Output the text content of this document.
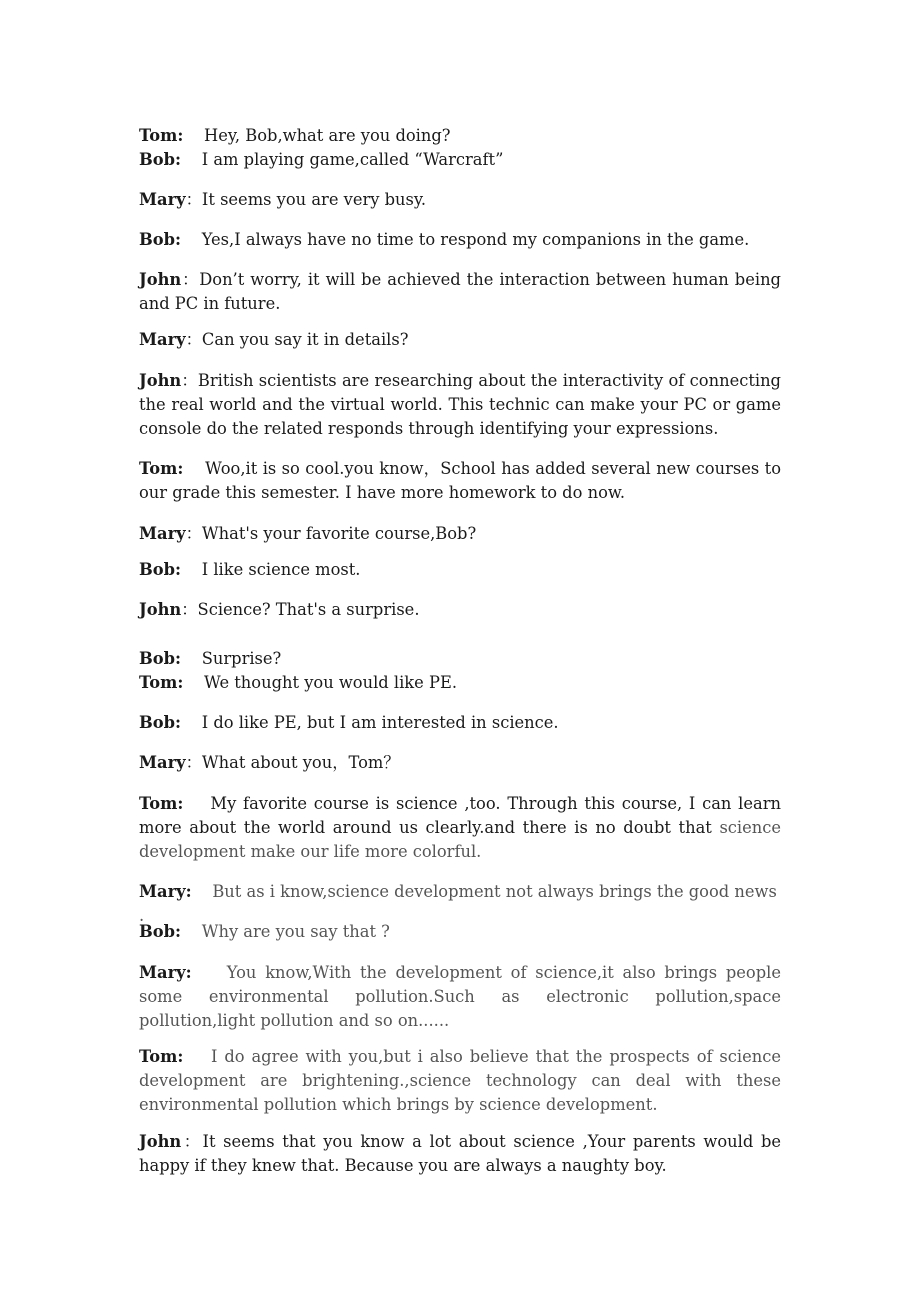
Tom: Hey, Bob,what are you doing?

Bob: I am playing game,called “Warcraft”

Mary：It seems you are very busy.

Bob: Yes,I always have no time to respond my companions in the game.

John：Don’t worry, it will be achieved the interaction between human being and PC in future.

Mary：Can you say it in details?

John：British scientists are researching about the interactivity of connecting the real world and the virtual world. This technic can make your PC or game console do the related responds through identifying your expressions.

Tom: Woo,it is so cool.you know，School has added several new courses to our grade this semester. I have more homework to do now.

Mary：What's your favorite course,Bob?

Bob: I like science most.

John：Science? That's a surprise.

Bob: Surprise?

Tom: We thought you would like PE.

Bob: I do like PE, but I am interested in science.

Mary：What about you，Tom？

Tom: My favorite course is science ,too. Through this course, I can learn more about the world around us clearly.and there is no doubt that science development make our life more colorful.

Mary: But as i know,science development not always brings the good news .

Bob: Why are you say that ?

Mary: You know,With the development of science,it also brings people some environmental pollution.Such as electronic pollution,space pollution,light pollution and so on......

Tom: I do agree with you,but i also believe that the prospects of science development are brightening.,science technology can deal with these environmental pollution which brings by science development.

John：It seems that you know a lot about science ,Your parents would be happy if they knew that. Because you are always a naughty boy.
